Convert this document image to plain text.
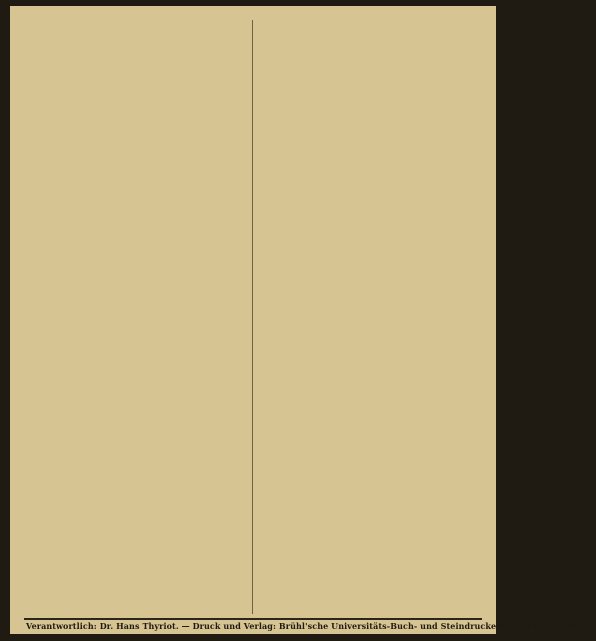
Verantwortlich: Dr. Hans Thyriot. — Druck und Verlag: Brühl'sche Universitäts-Buch- und Steindruckerei, R. Lange, Gießen.
